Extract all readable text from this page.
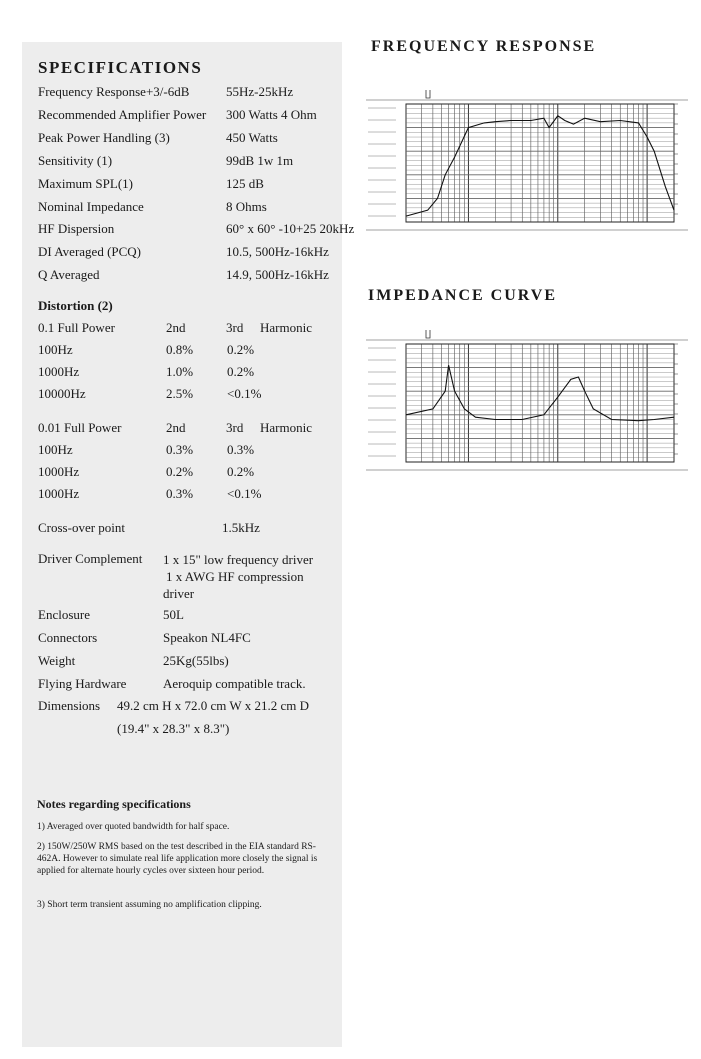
SPECIFICATIONS
Distortion (2)
Cross-over point	1.5kHz
Driver Complement 1 x 15" low frequency driver
1 x AWG HF compression
driver
Dimensions 49.2 cm H x 72.0 cm W x 21.2 cm D
(19.4" x 28.3" x 8.3")
Notes regarding specifications
1) Averaged over quoted bandwidth for half space.
2) 150W/250W RMS based on the test described in the EIA standard RS-462A. However to simulate real life application more closely the signal is applied for alternate hourly cycles over sixteen hour period.
3) Short term transient assuming no amplification clipping.
FREQUENCY RESPONSE
IMPEDANCE CURVE
Frequency Response+3/-6dB	55Hz-25kHz
Recommended Amplifier Power 300 Watts 4 Ohm
Peak Power Handling (3)	450 Watts
Sensitivity (1)	99dB 1w 1m
Maximum SPL(1)	125 dB
Nominal Impedance	8 Ohms
HF Dispersion	60° x 60° -10+25 20kHz
DI Averaged (PCQ)	10.5, 500Hz-16kHz
Q Averaged	14.9, 500Hz-16kHz
0.1 Full Power	2nd	3rd Harmonic
100Hz	0.8%	0.2%
1000Hz	1.0%	0.2%
10000Hz	2.5%	<0.1%
0.01 Full Power	2nd	3rd Harmonic
100Hz	0.3%	0.3%
1000Hz	0.2%	0.2%
1000Hz	0.3%	<0.1%
Enclosure	50L
Connectors	Speakon NL4FC
Weight	25Kg(55lbs)
Flying Hardware	Aeroquip compatible track.
